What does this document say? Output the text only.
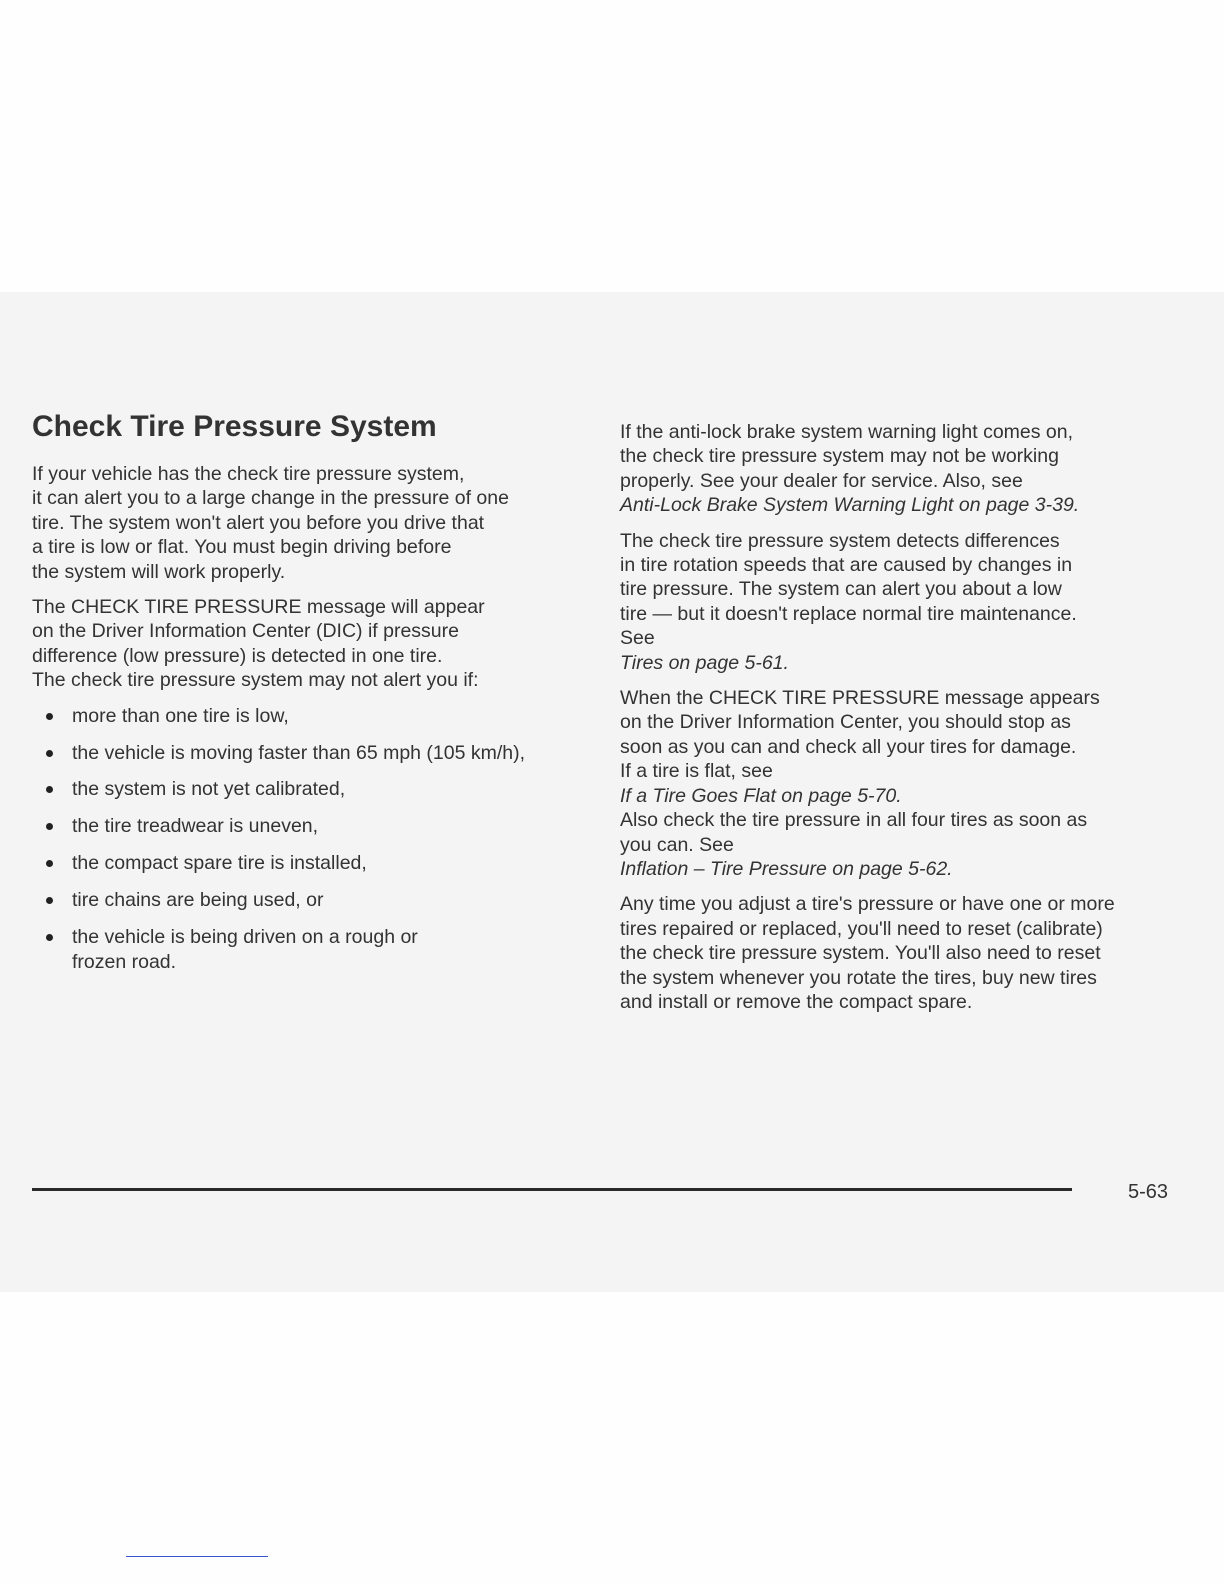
Check Tire Pressure System

If your vehicle has the check tire pressure system,
it can alert you to a large change in the pressure of one
tire. The system won't alert you before you drive that
a tire is low or flat. You must begin driving before
the system will work properly.

The CHECK TIRE PRESSURE message will appear
on the Driver Information Center (DIC) if pressure
difference (low pressure) is detected in one tire.
The check tire pressure system may not alert you if:

more than one tire is low,
the vehicle is moving faster than 65 mph (105 km/h),
the system is not yet calibrated,
the tire treadwear is uneven,
the compact spare tire is installed,
tire chains are being used, or
the vehicle is being driven on a rough or frozen road.

If the anti-lock brake system warning light comes on,
the check tire pressure system may not be working
properly. See your dealer for service. Also, see
Anti-Lock Brake System Warning Light on page 3-39.

The check tire pressure system detects differences
in tire rotation speeds that are caused by changes in
tire pressure. The system can alert you about a low
tire — but it doesn't replace normal tire maintenance.
See
Tires on page 5-61.

When the CHECK TIRE PRESSURE message appears
on the Driver Information Center, you should stop as
soon as you can and check all your tires for damage.
If a tire is flat, see
If a Tire Goes Flat on page 5-70.
Also check the tire pressure in all four tires as soon as
you can. See
Inflation – Tire Pressure on page 5-62.

Any time you adjust a tire's pressure or have one or more
tires repaired or replaced, you'll need to reset (calibrate)
the check tire pressure system. You'll also need to reset
the system whenever you rotate the tires, buy new tires
and install or remove the compact spare.

5-63
